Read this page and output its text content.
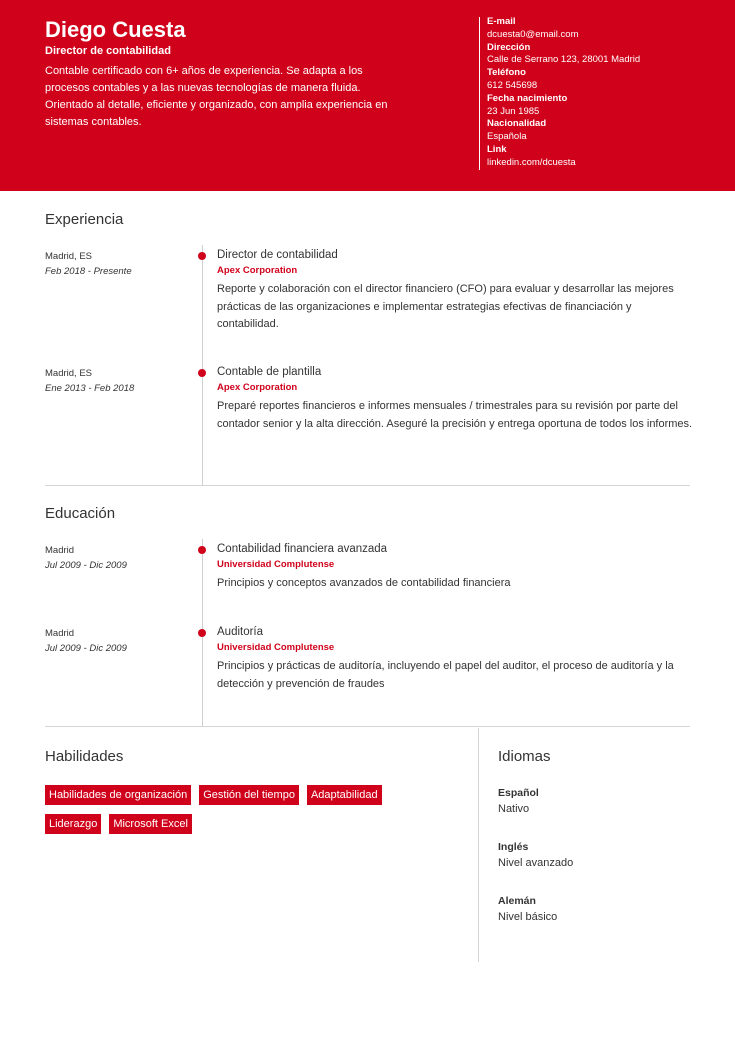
Diego Cuesta
Director de contabilidad
Contable certificado con 6+ años de experiencia. Se adapta a los procesos contables y a las nuevas tecnologías de manera fluida. Orientado al detalle, eficiente y organizado, con amplia experiencia en sistemas contables.
E-mail
dcuesta0@email.com
Dirección
Calle de Serrano 123, 28001 Madrid
Teléfono
612 545698
Fecha nacimiento
23 Jun 1985
Nacionalidad
Española
Link
linkedin.com/dcuesta
Experiencia
Madrid, ES
Feb 2018 - Presente
Director de contabilidad
Apex Corporation
Reporte y colaboración con el director financiero (CFO) para evaluar y desarrollar las mejores prácticas de las organizaciones e implementar estrategias efectivas de financiación y contabilidad.
Madrid, ES
Ene 2013 - Feb 2018
Contable de plantilla
Apex Corporation
Preparé reportes financieros e informes mensuales / trimestrales para su revisión por parte del contador senior y la alta dirección. Aseguré la precisión y entrega oportuna de todos los informes.
Educación
Madrid
Jul 2009 - Dic 2009
Contabilidad financiera avanzada
Universidad Complutense
Principios y conceptos avanzados de contabilidad financiera
Madrid
Jul 2009 - Dic 2009
Auditoría
Universidad Complutense
Principios y prácticas de auditoría, incluyendo el papel del auditor, el proceso de auditoría y la detección y prevención de fraudes
Habilidades
Habilidades de organización Gestión del tiempo Adaptabilidad
Liderazgo Microsoft Excel
Idiomas
Español
Nativo
Inglés
Nivel avanzado
Alemán
Nivel básico
